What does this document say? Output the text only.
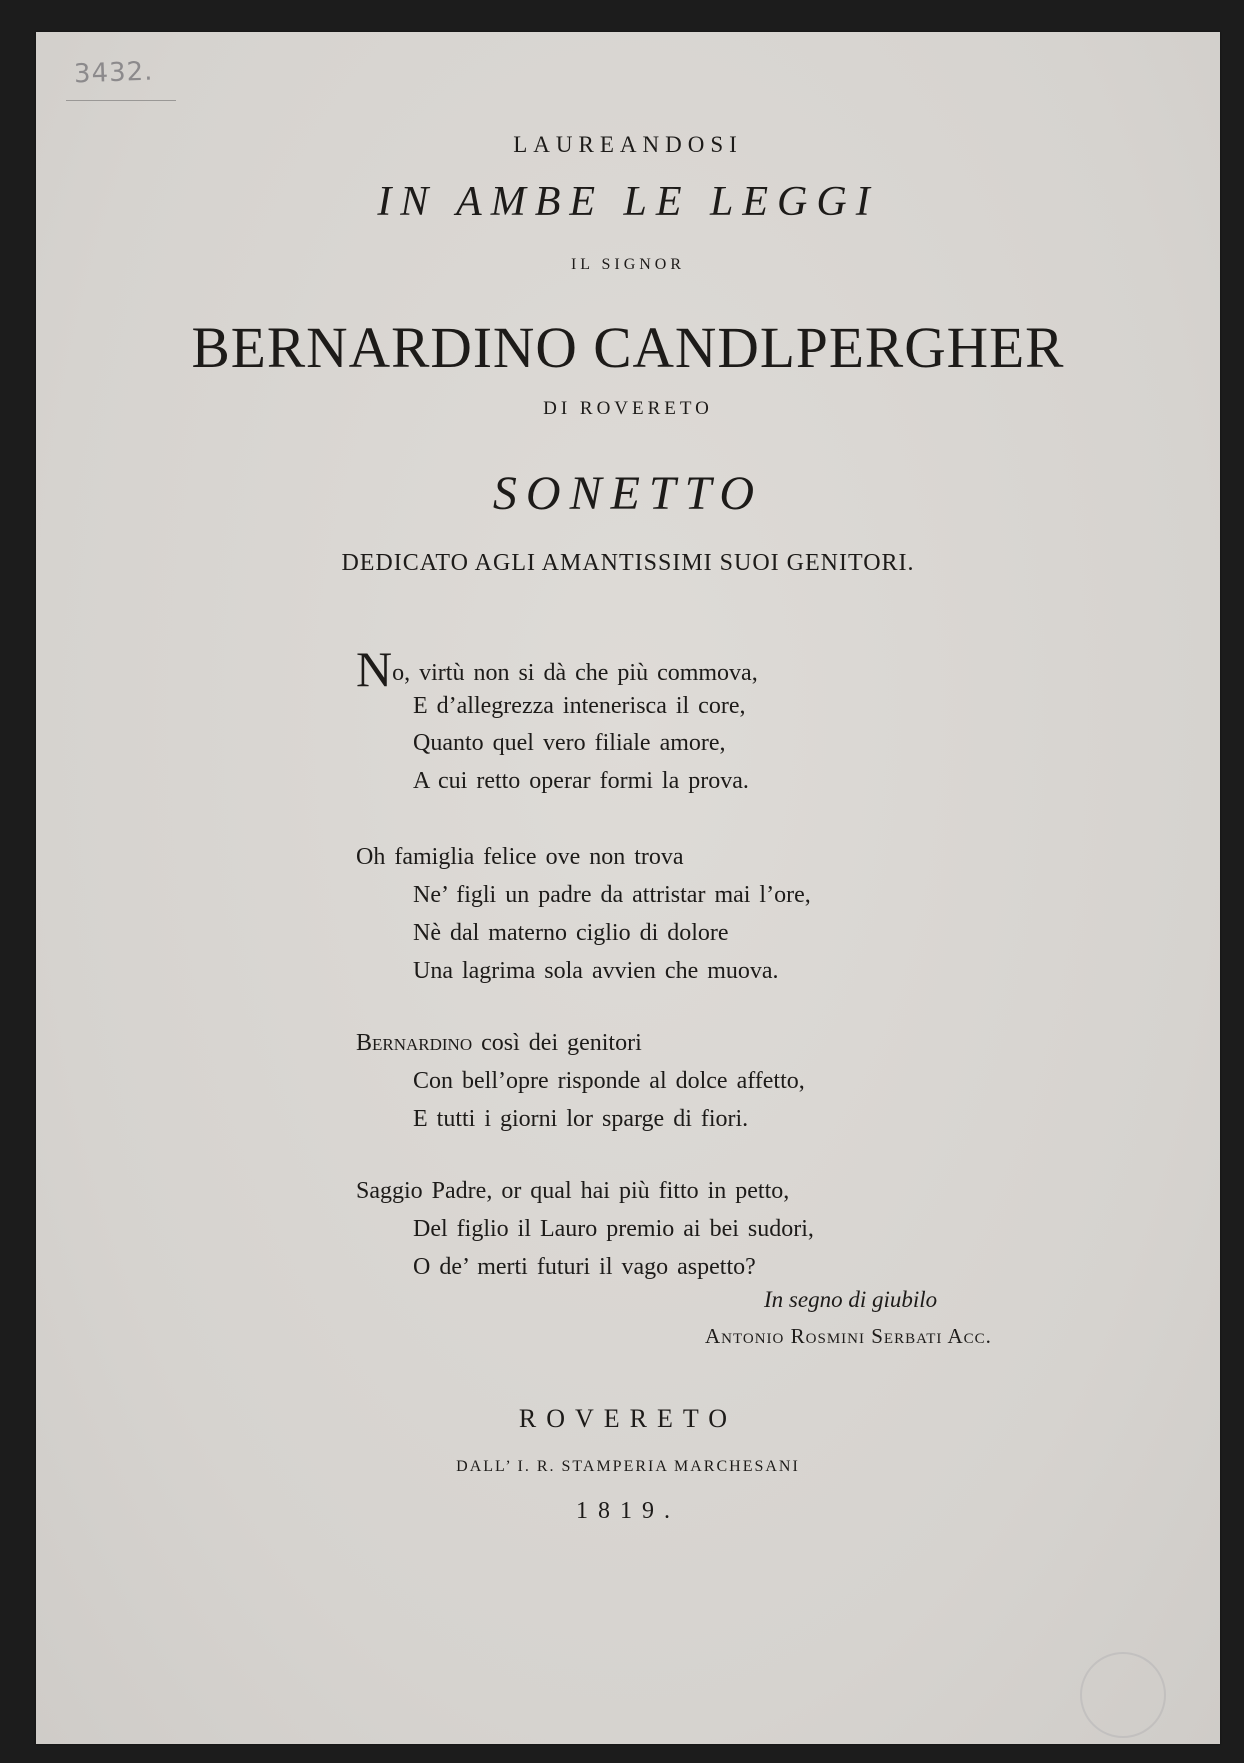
3432.
LAUREANDOSI
IN AMBE LE LEGGI
IL SIGNOR
BERNARDINO CANDLPERGHER
DI ROVERETO
SONETTO
DEDICATO AGLI AMANTISSIMI SUOI GENITORI.
No, virtù non si dà che più commova,
E d’allegrezza intenerisca il core,
Quanto quel vero filiale amore,
A cui retto operar formi la prova.
Oh famiglia felice ove non trova
Ne’ figli un padre da attristar mai l’ore,
Nè dal materno ciglio di dolore
Una lagrima sola avvien che muova.
Bernardino così dei genitori
Con bell’opre risponde al dolce affetto,
E tutti i giorni lor sparge di fiori.
Saggio Padre, or qual hai più fitto in petto,
Del figlio il Lauro premio ai bei sudori,
O de’ merti futuri il vago aspetto?
In segno di giubilo
Antonio Rosmini Serbati Acc.
ROVERETO
DALL’ I. R. STAMPERIA MARCHESANI
1819.
